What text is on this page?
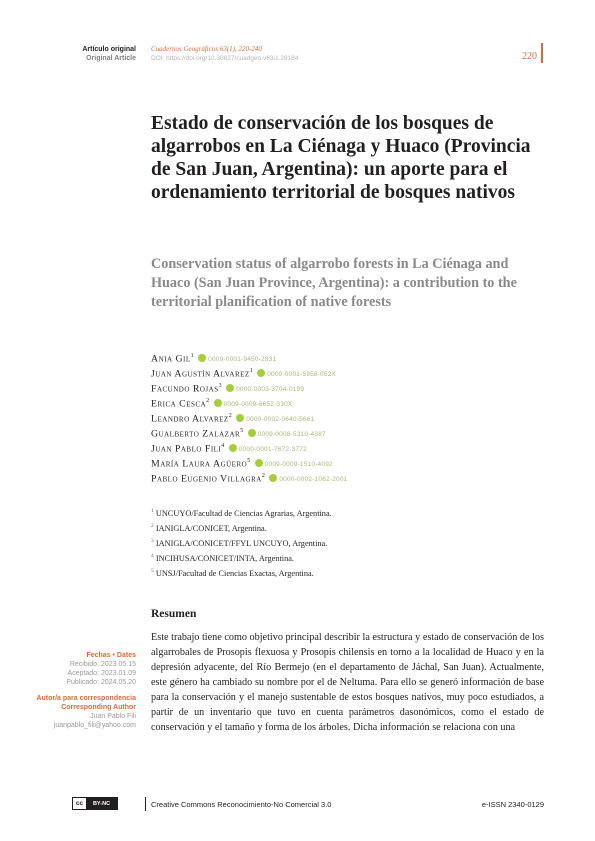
Artículo original
Original Article
Cuadernos Geográficos 63(1), 220-240
DOI: https://doi.org/10.30827/cuadgeo.v63i1.28184	220
Estado de conservación de los bosques de algarrobos en La Ciénaga y Huaco (Provincia de San Juan, Argentina): un aporte para el ordenamiento territorial de bosques nativos
Conservation status of algarrobo forests in La Ciénaga and Huaco (San Juan Province, Argentina): a contribution to the territorial planification of native forests
Ania Gil$^1$0009-0001-9450-2831
Juan Agustín Alvarez$^1$0000-0001-5958-052X
Facundo Rojas$^3$0000-0003-3704-0199
Erica Cesca$^2$0009-0009-6652-330X
Leandro Alvarez$^2$0000-0002-0640-5661
Gualberto Zalazar$^5$0009-0008-5310-4387
Juan Pablo Fili$^4$0000-0001-7672-3772
María Laura Agüero$^5$0009-0009-1510-4092
Pablo Eugenio Villagra$^2$0000-0002-1062-2001
$^1$ UNCUYO/Facultad de Ciencias Agrarias, Argentina.
$^2$ IANIGLA/CONICET, Argentina.
$^3$ IANIGLA/CONICET/FFYL UNCUYO, Argentina.
$^4$ INCIHUSA/CONICET/INTA, Argentina.
$^5$ UNSJ/Facultad de Ciencias Exactas, Argentina.
Resumen

Este trabajo tiene como objetivo principal describir la estructura y estado de conservación de los algarrobales de Prosopis flexuosa y Prosopis chilensis en torno a la localidad de Huaco y en la depresión adyacente, del Río Bermejo (en el departamento de Jáchal, San Juan). Actualmente, este género ha cambiado su nombre por el de Neltuma. Para ello se generó información de base para la conservación y el manejo sustentable de estos bosques nativos, muy poco estudiados, a partir de un inventario que tuvo en cuenta parámetros dasonómicos, como el estado de conservación y el tamaño y forma de los árboles. Dicha información se relaciona con una

Fechas • Dates
Recibido: 2023.05.15
Aceptado: 2023.01.09
Publicado: 2024.05.20
Autor/a para correspondencia
Corresponding Author
Juan Pablo Fili
juanpablo_fili@yahoo.com
cc	BY-NC	Creative Commons Reconocimiento-No Comercial 3.0	e-ISSN 2340-0129
